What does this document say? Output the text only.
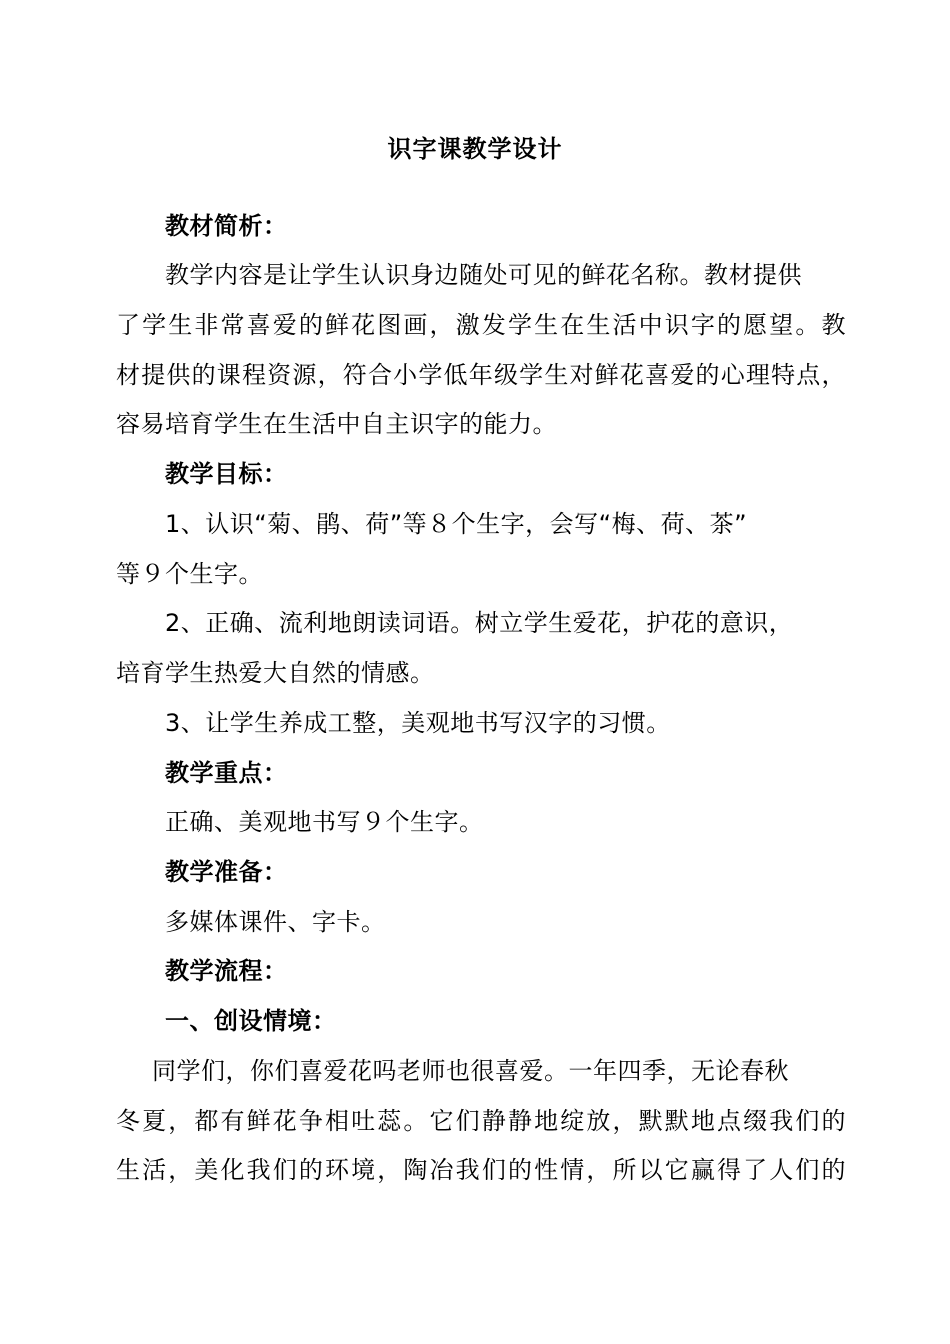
识字课教学设计
教材简析：
教学内容是让学生认识身边随处可见的鲜花名称。教材提供
了学生非常喜爱的鲜花图画，激发学生在生活中识字的愿望。教
材提供的课程资源，符合小学低年级学生对鲜花喜爱的心理特点，
容易培育学生在生活中自主识字的能力。
教学目标：
1、认识“菊、鹃、荷”等８个生字，会写“梅、荷、茶”
等９个生字。
2、正确、流利地朗读词语。树立学生爱花，护花的意识，
培育学生热爱大自然的情感。
3、让学生养成工整，美观地书写汉字的习惯。
教学重点：
正确、美观地书写９个生字。
教学准备：
多媒体课件、字卡。
教学流程：
一、创设情境：
同学们，你们喜爱花吗老师也很喜爱。一年四季，无论春秋
冬夏，都有鲜花争相吐蕊。它们静静地绽放，默默地点缀我们的
生活，美化我们的环境，陶冶我们的性情，所以它赢得了人们的
